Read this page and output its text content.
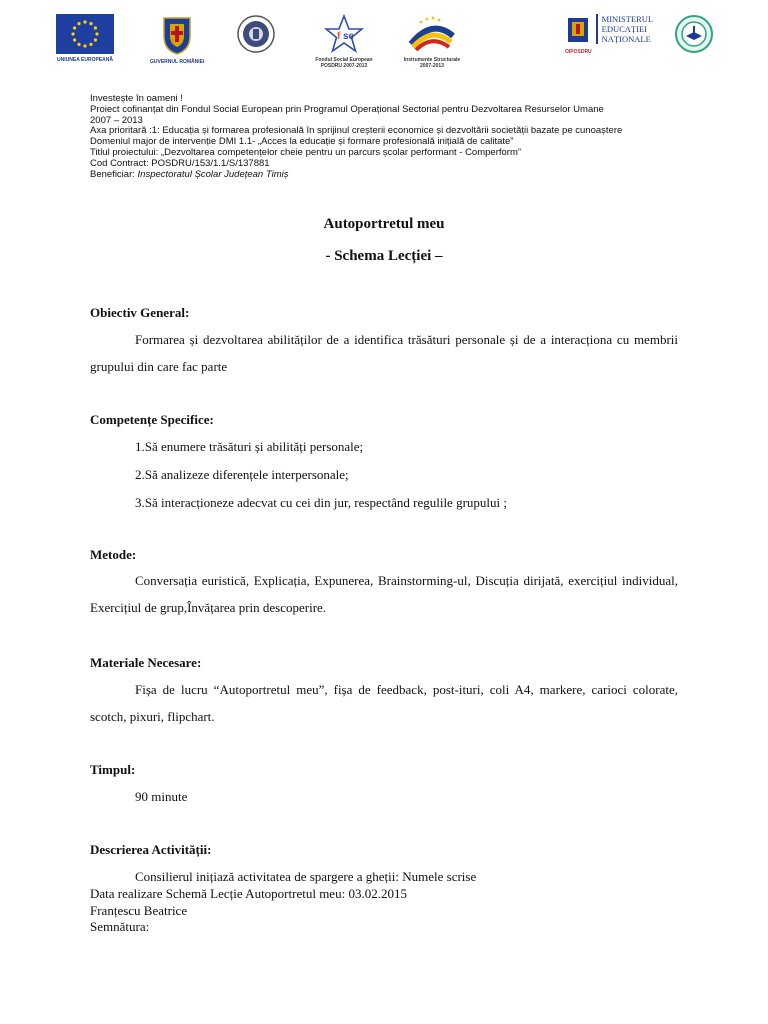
UNIUNEA EUROPEANĂ	GUVERNUL ROMÂNIEI
f se
Fondul Social European POSDRU 2007-2013
Instrumente Structurale 2007-2013
OIPOSDRU
MINISTERUL
EDUCAȚIEI
NAȚIONALE
Investește în oameni !
Proiect cofinanțat din Fondul Social European prin Programul Operațional Sectorial pentru Dezvoltarea Resurselor Umane
2007 – 2013
Axa prioritară :1: Educația și formarea profesională în sprijinul creșterii economice și dezvoltării societății bazate pe cunoaștere Domeniul major de intervenție DMI 1.1- „Acces la educație și formare profesională inițială de calitate”
Titlul proiectului: „Dezvoltarea competențelor cheie pentru un parcurs școlar performant - Comperform”
Cod Contract: POSDRU/153/1.1/S/137881
Beneficiar: Inspectoratul Școlar Județean Timiș
Autoportretul meu
- Schema Lecției –
Obiectiv General:
Formarea și dezvoltarea abilităților de a identifica trăsături personale și de a interacționa cu membrii grupului din care fac parte
Competențe Specifice:
1.Să enumere trăsături și abilități personale;
2.Să analizeze diferențele interpersonale;
3.Să interacționeze adecvat cu cei din jur, respectând regulile grupului ;
Metode:
Conversația euristică, Explicația, Expunerea, Brainstorming-ul, Discuția dirijată, exercițiul individual, Exercițiul de grup,Învățarea prin descoperire.
Materiale Necesare:
Fișa de lucru “Autoportretul meu”, fișa de feedback, post-ituri, coli A4, markere, carioci colorate, scotch, pixuri, flipchart.
Timpul:
90 minute
Descrierea Activității:
Consilierul inițiază activitatea de spargere a gheții: Numele scrise
Data realizare Schemă Lecție Autoportretul meu: 03.02.2015
Franțescu Beatrice
Semnătura:
